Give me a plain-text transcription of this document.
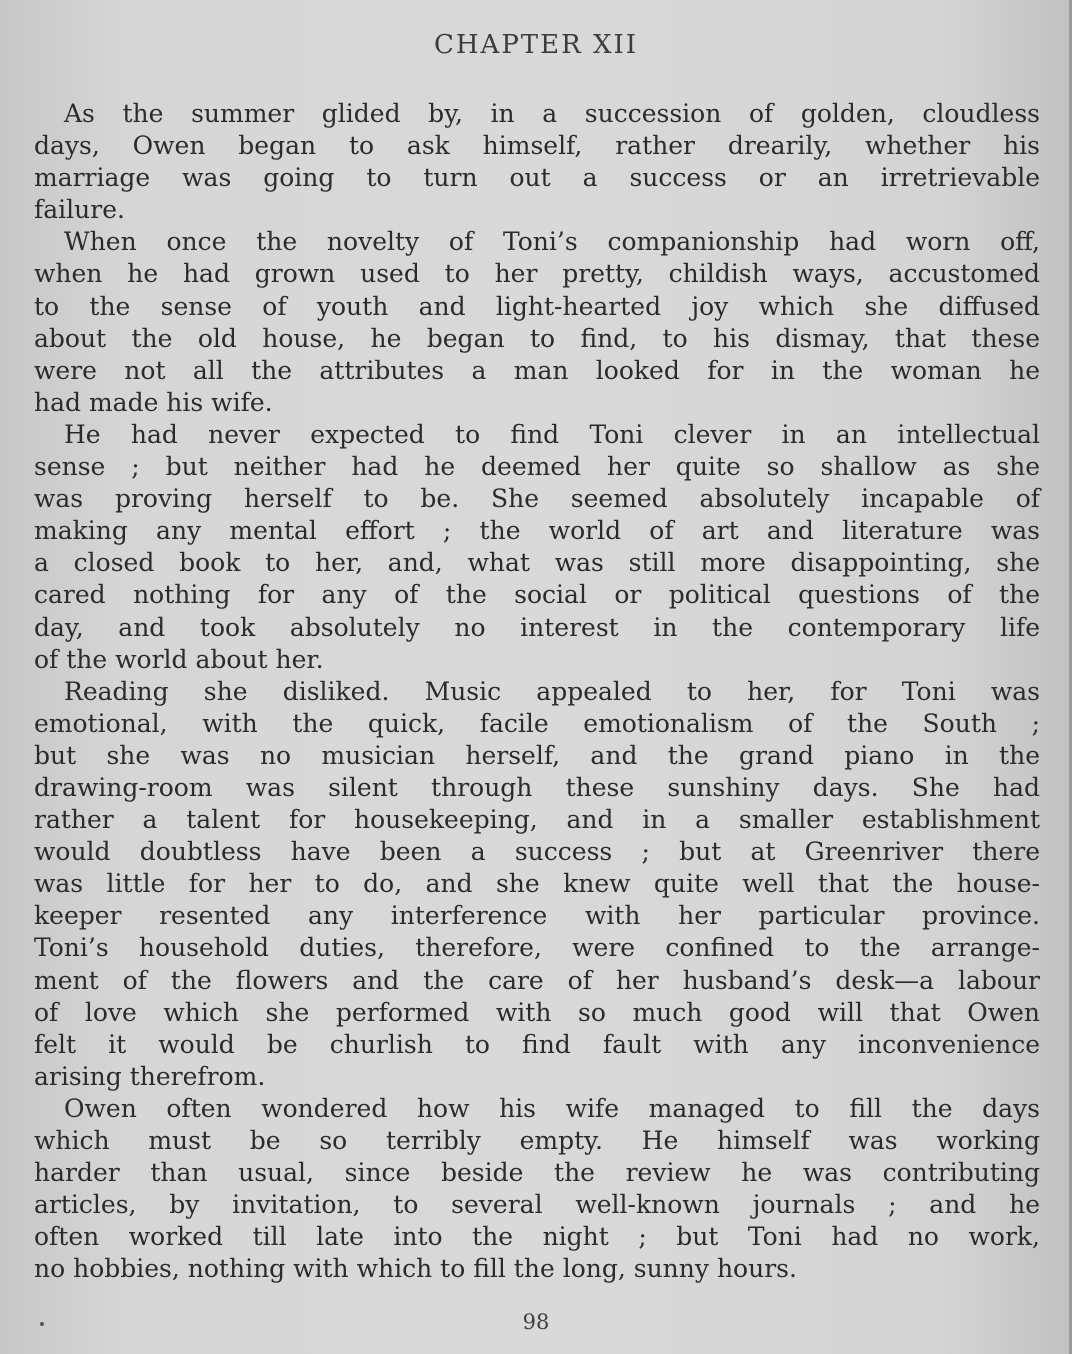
CHAPTER XII
As the summer glided by, in a succession of golden, cloudless
days, Owen began to ask himself, rather drearily, whether his
marriage was going to turn out a success or an irretrievable
failure.
When once the novelty of Toni’s companionship had worn off,
when he had grown used to her pretty, childish ways, accustomed
to the sense of youth and light-hearted joy which she diffused
about the old house, he began to find, to his dismay, that these
were not all the attributes a man looked for in the woman he
had made his wife.
He had never expected to find Toni clever in an intellectual
sense ; but neither had he deemed her quite so shallow as she
was proving herself to be. She seemed absolutely incapable of
making any mental effort ; the world of art and literature was
a closed book to her, and, what was still more disappointing, she
cared nothing for any of the social or political questions of the
day, and took absolutely no interest in the contemporary life
of the world about her.
Reading she disliked. Music appealed to her, for Toni was
emotional, with the quick, facile emotionalism of the South ;
but she was no musician herself, and the grand piano in the
drawing-room was silent through these sunshiny days. She had
rather a talent for housekeeping, and in a smaller establishment
would doubtless have been a success ; but at Greenriver there
was little for her to do, and she knew quite well that the house-
keeper resented any interference with her particular province.
Toni’s household duties, therefore, were confined to the arrange-
ment of the flowers and the care of her husband’s desk—a labour
of love which she performed with so much good will that Owen
felt it would be churlish to find fault with any inconvenience
arising therefrom.
Owen often wondered how his wife managed to fill the days
which must be so terribly empty. He himself was working
harder than usual, since beside the review he was contributing
articles, by invitation, to several well-known journals ; and he
often worked till late into the night ; but Toni had no work,
no hobbies, nothing with which to fill the long, sunny hours.
98
